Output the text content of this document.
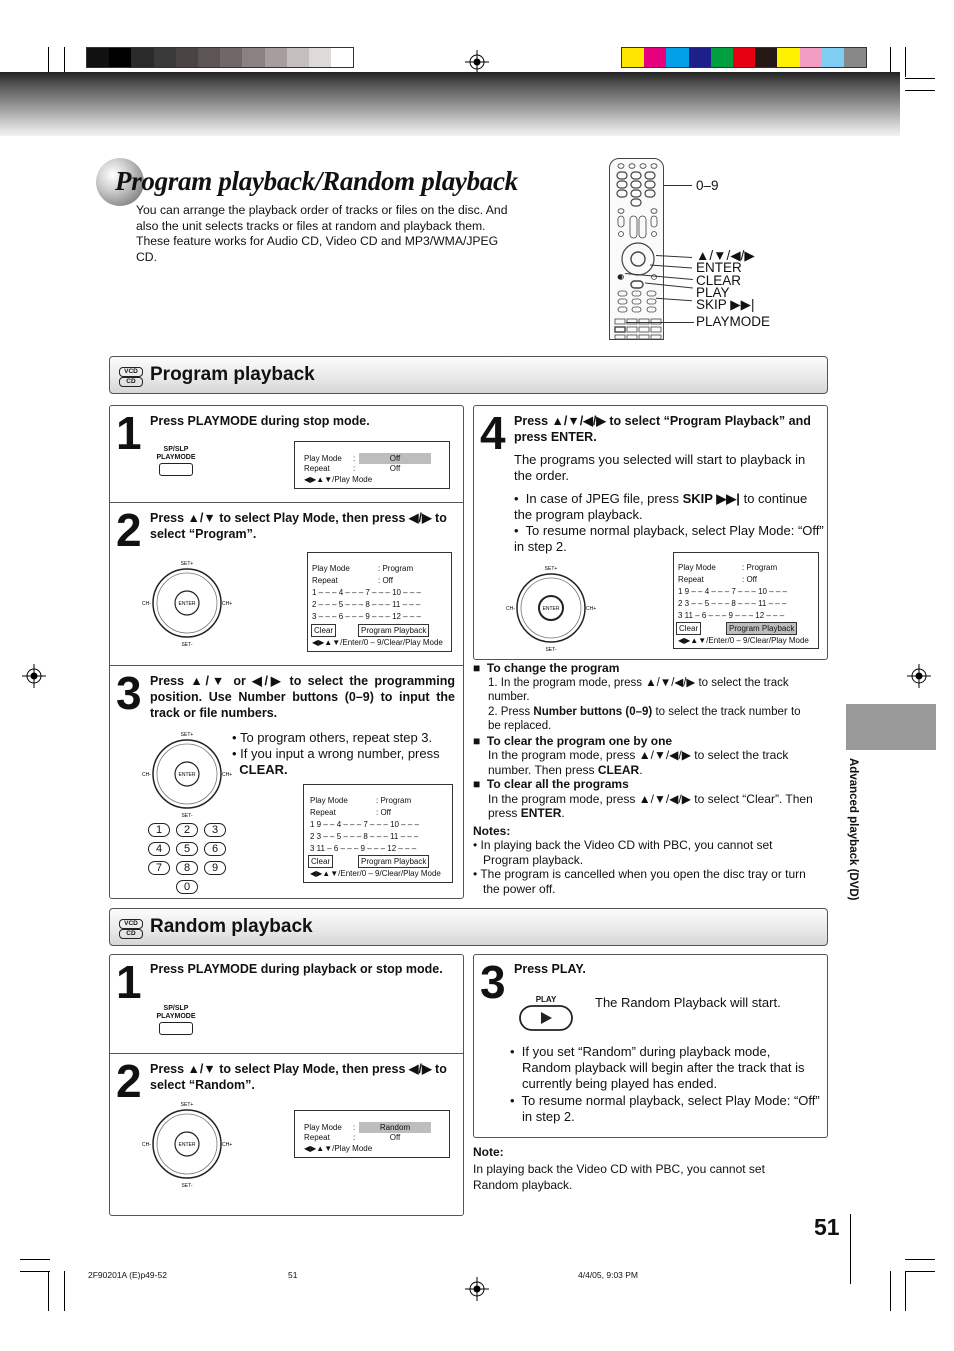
Program playback/Random playback

You can arrange the playback order of tracks or files on the disc. And also the unit selects tracks or files at random and playback them. These feature works for Audio CD, Video CD and MP3/WMA/JPEG CD.

0–9
▲/▼/◀/▶
ENTER
CLEAR
PLAY
SKIP ▶▶|
PLAYMODE
VCD
CD Program playback
1 Press PLAYMODE during stop mode.

SP/SLP
PLAYMODE	Play Mode :	Off
Repeat	:	Off
◀▶▲▼/Play Mode
2 Press ▲/▼ to select Play Mode, then press ◀/▶ to select “Program”.

ENTER
SET+
SET-
CH-	CH+
Play Mode	: Program
Repeat	: Off
1 – – – 4 – – – 7 – – – 10 – – –
2 – – – 5 – – – 8 – – – 11 – – –
3 – – – 6 – – – 9 – – – 12 – – –
Clear	Program Playback
◀▶▲▼/Enter/0 – 9/Clear/Play Mode
3 Press ▲/▼ or ◀/▶ to select the programming position. Use Number buttons (0–9) to input the track or file numbers.

ENTER
SET+
SET-
CH-	CH+

• To program others, repeat step 3.

• If you input a wrong number, press
CLEAR.

1	2	3
4	5	6
7	8	9
0
Play Mode	: Program
Repeat	: Off
1 9 – – 4 – – – 7 – – – 10 – – –
2 3 – – 5 – – – 8 – – – 11 – – –
3 11 – 6 – – – 9 – – – 12 – – –
Clear	Program Playback
◀▶▲▼/Enter/0 – 9/Clear/Play Mode
4 Press ▲/▼/◀/▶ to select “Program Playback” and press ENTER.

The programs you selected will start to playback in the order.

•  In case of JPEG file, press SKIP ▶▶| to continue the program playback.

•  To resume normal playback, select Play Mode: “Off” in step 2.

ENTER
SET+
SET-
CH-	CH+
Play Mode	: Program
Repeat	: Off
1 9 – – 4 – – – 7 – – – 10 – – –
2 3 – – 5 – – – 8 – – – 11 – – –
3 11 – 6 – – – 9 – – – 12 – – –
Clear	Program Playback
◀▶▲▼/Enter/0 – 9/Clear/Play Mode

■  To change the program

1. In the program mode, press ▲/▼/◀/▶ to select the track number.

2. Press Number buttons (0–9) to select the track number to be replaced.

■  To clear the program one by one

In the program mode, press ▲/▼/◀/▶ to select the track number. Then press CLEAR.

■  To clear all the programs

In the program mode, press ▲/▼/◀/▶ to select “Clear”. Then press ENTER.

Notes:

• In playing back the Video CD with PBC, you cannot set Program playback.

• The program is cancelled when you open the disc tray or turn the power off.

VCD
CD Random playback
1 Press PLAYMODE during playback or stop mode.

SP/SLP
PLAYMODE
2 Press ▲/▼ to select Play Mode, then press ◀/▶ to select “Random”.

ENTER
SET+
SET-
CH-	CH+
Play Mode :	Random
Repeat	:	Off
◀▶▲▼/Play Mode
3 Press PLAY.

PLAY	The Random Playback will start.

•  If you set “Random” during playback mode, Random playback will begin after the track that is currently being played has ended.

•  To resume normal playback, select Play Mode: “Off” in step 2.

Note:

In playing back the Video CD with PBC, you cannot set Random playback.

Advanced playback (DVD)
51
2F90201A (E)p49-52	51	4/4/05, 9:03 PM
